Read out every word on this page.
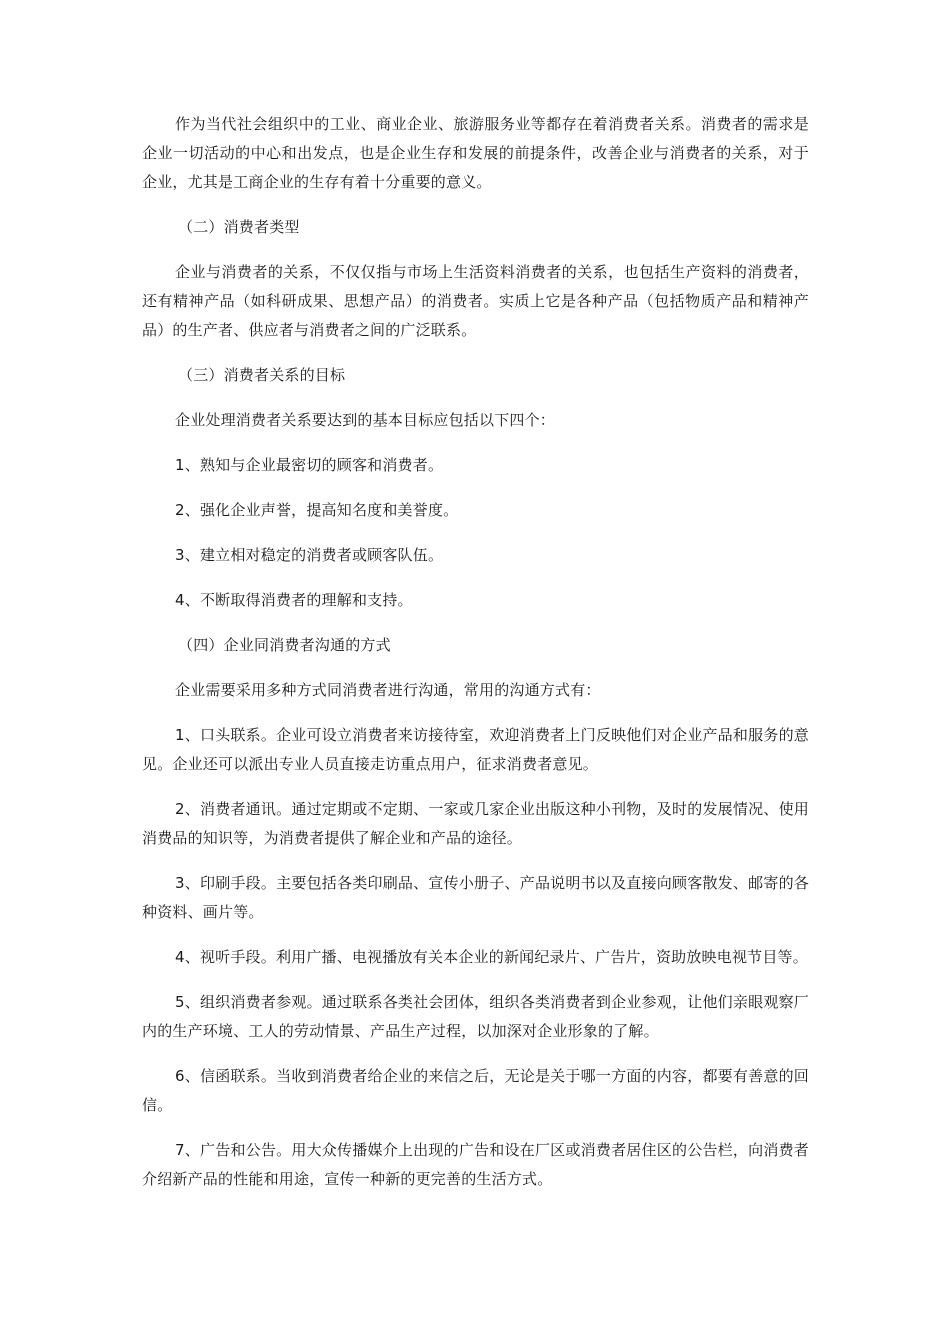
作为当代社会组织中的工业、商业企业、旅游服务业等都存在着消费者关系。消费者的需求是企业一切活动的中心和出发点，也是企业生存和发展的前提条件，改善企业与消费者的关系，对于企业，尤其是工商企业的生存有着十分重要的意义。

（二）消费者类型

企业与消费者的关系，不仅仅指与市场上生活资料消费者的关系，也包括生产资料的消费者，还有精神产品（如科研成果、思想产品）的消费者。实质上它是各种产品（包括物质产品和精神产品）的生产者、供应者与消费者之间的广泛联系。

（三）消费者关系的目标

企业处理消费者关系要达到的基本目标应包括以下四个：

1、熟知与企业最密切的顾客和消费者。

2、强化企业声誉，提高知名度和美誉度。

3、建立相对稳定的消费者或顾客队伍。

4、不断取得消费者的理解和支持。

（四）企业同消费者沟通的方式

企业需要采用多种方式同消费者进行沟通，常用的沟通方式有：

1、口头联系。企业可设立消费者来访接待室，欢迎消费者上门反映他们对企业产品和服务的意见。企业还可以派出专业人员直接走访重点用户，征求消费者意见。

2、消费者通讯。通过定期或不定期、一家或几家企业出版这种小刊物，及时的发展情况、使用消费品的知识等，为消费者提供了解企业和产品的途径。

3、印刷手段。主要包括各类印刷品、宣传小册子、产品说明书以及直接向顾客散发、邮寄的各种资料、画片等。

4、视听手段。利用广播、电视播放有关本企业的新闻纪录片、广告片，资助放映电视节目等。

5、组织消费者参观。通过联系各类社会团体，组织各类消费者到企业参观，让他们亲眼观察厂内的生产环境、工人的劳动情景、产品生产过程，以加深对企业形象的了解。

6、信函联系。当收到消费者给企业的来信之后，无论是关于哪一方面的内容，都要有善意的回信。

7、广告和公告。用大众传播媒介上出现的广告和设在厂区或消费者居住区的公告栏，向消费者介绍新产品的性能和用途，宣传一种新的更完善的生活方式。
